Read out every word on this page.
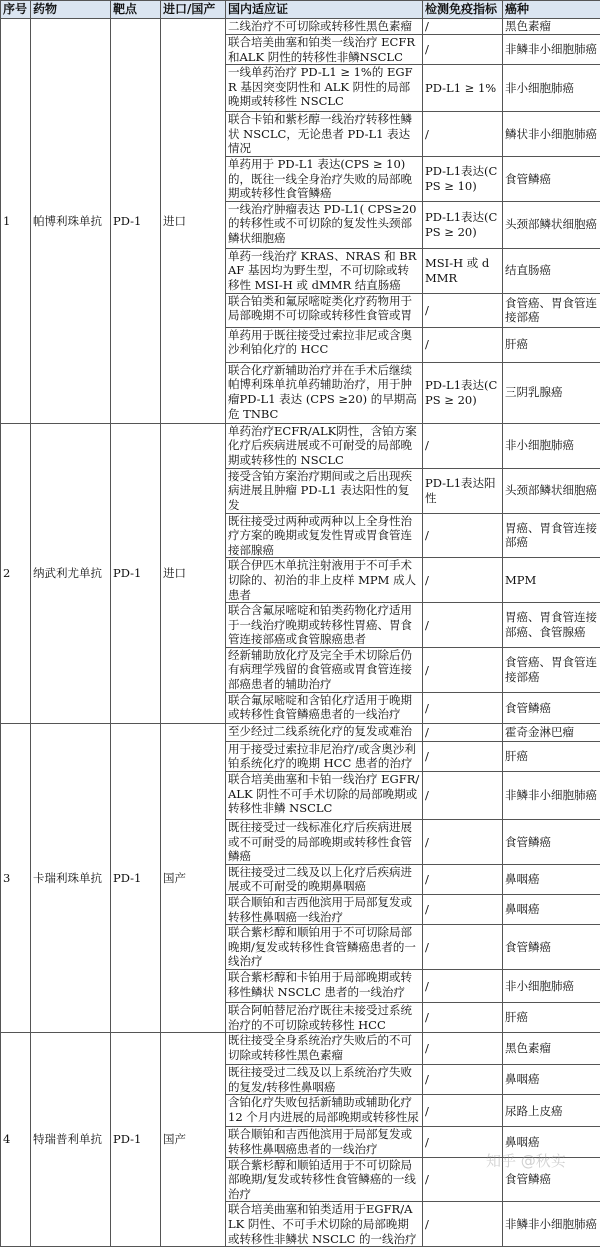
序号	药物	靶点	进口/国产	国内适应证	检测免疫指标	癌种
1	帕博利珠单抗	PD-1	进口	二线治疗不可切除或转移性黑色素瘤	/	黑色素瘤
				联合培美曲塞和铂类一线治疗 ECFR 和ALK 阴性的转移性非鳞NSCLC	/	非鳞非小细胞肺癌
				一线单药治疗 PD-L1 ≥ 1%的 EGFR 基因突变阴性和 ALK 阴性的局部晚期或转移性 NSCLC	PD-L1 ≥ 1%	非小细胞肺癌
				联合卡铂和紫杉醇一线治疗转移性鳞状 NSCLC，无论患者 PD-L1 表达情况	/	鳞状非小细胞肺癌
				单药用于 PD-L1 表达(CPS ≥ 10)的，既往一线全身治疗失败的局部晚期或转移性食管鳞癌	PD-L1表达(CPS ≥ 10)	食管鳞癌
				一线治疗肿瘤表达 PD-L1( CPS≥20的转移性或不可切除的复发性头颈部鳞状细胞癌	PD-L1表达(CPS ≥ 20)	头颈部鳞状细胞癌
				单药一线治疗 KRAS、NRAS 和 BRAF 基因均为野生型，不可切除或转移性 MSI-H 或 dMMR 结直肠癌	MSI-H 或 dMMR	结直肠癌
				联合铂类和氟尿嘧啶类化疗药物用于局部晚期不可切除或转移性食管或胃	/	食管癌、胃食管连接部癌
				单药用于既往接受过索拉非尼或含奥沙利铂化疗的 HCC	/	肝癌
				联合化疗新辅助治疗并在手术后继续帕博利珠单抗单药辅助治疗，用于肿瘤PD-L1 表达 (CPS ≥20) 的早期高危 TNBC	PD-L1表达(CPS ≥ 20)	三阴乳腺癌
2	纳武利尤单抗	PD-1	进口	单药治疗ECFR/ALK阴性，含铂方案化疗后疾病进展或不可耐受的局部晚期或转移性的 NSCLC	/	非小细胞肺癌
				接受含铂方案治疗期间或之后出现疾病进展且肿瘤 PD-L1 表达阳性的复发	PD-L1表达阳性	头颈部鳞状细胞癌
				既往接受过两种或两种以上全身性治疗方案的晚期或复发性胃或胃食管连接部腺癌	/	胃癌、胃食管连接部癌
				联合伊匹木单抗注射液用于不可手术切除的、初治的非上皮样 MPM 成人患者	/	MPM
				联合含氟尿嘧啶和铂类药物化疗适用于一线治疗晚期或转移性胃癌、胃食管连接部癌或食管腺癌患者	/	胃癌、胃食管连接部癌、食管腺癌
				经新辅助放化疗及完全手术切除后仍有病理学残留的食管癌或胃食管连接部癌患者的辅助治疗	/	食管癌、胃食管连接部癌
				联合氟尿嘧啶和含铂化疗适用于晚期或转移性食管鳞癌患者的一线治疗	/	食管鳞癌
3	卡瑞利珠单抗	PD-1	国产	至少经过二线系统化疗的复发或难治	/	霍奇金淋巴瘤
				用于接受过索拉非尼治疗/或含奥沙利铂系统化疗的晚期 HCC 患者的治疗	/	肝癌
				联合培美曲塞和卡铂一线治疗 EGFR/ALK 阴性不可手术切除的局部晚期或转移性非鳞 NSCLC	/	非鳞非小细胞肺癌
				既往接受过一线标准化疗后疾病进展或不可耐受的局部晚期或转移性食管鳞癌	/	食管鳞癌
				既往接受过二线及以上化疗后疾病进展或不可耐受的晚期鼻咽癌	/	鼻咽癌
				联合顺铂和吉西他滨用于局部复发或转移性鼻咽癌一线治疗	/	鼻咽癌
				联合紫杉醇和顺铂用于不可切除局部晚期/复发或转移性食管鳞癌患者的一线治疗	/	食管鳞癌
				联合紫杉醇和卡铂用于局部晚期或转移性鳞状 NSCLC 患者的一线治疗	/	非小细胞肺癌
				联合阿帕替尼治疗既往未接受过系统治疗的不可切除或转移性 HCC	/	肝癌
4	特瑞普利单抗	PD-1	国产	既往接受全身系统治疗失败后的不可切除或转移性黑色素瘤	/	黑色素瘤
				既往接受过二线及以上系统治疗失败的复发/转移性鼻咽癌	/	鼻咽癌
				含铂化疗失败包括新辅助或辅助化疗 12 个月内进展的局部晚期或转移性尿	/	尿路上皮癌
				联合顺铂和吉西他滨用于局部复发或转移性鼻咽癌患者的一线治疗	/	鼻咽癌
				联合紫杉醇和顺铂适用于不可切除局部晚期/复发或转移性食管鳞癌的一线治疗	/	食管鳞癌
				联合培美曲塞和铂类适用于EGFR/ALK 阴性、不可手术切除的局部晚期或转移性非鳞状 NSCLC 的一线治疗	/	非鳞非小细胞肺癌
知乎 @秋实
